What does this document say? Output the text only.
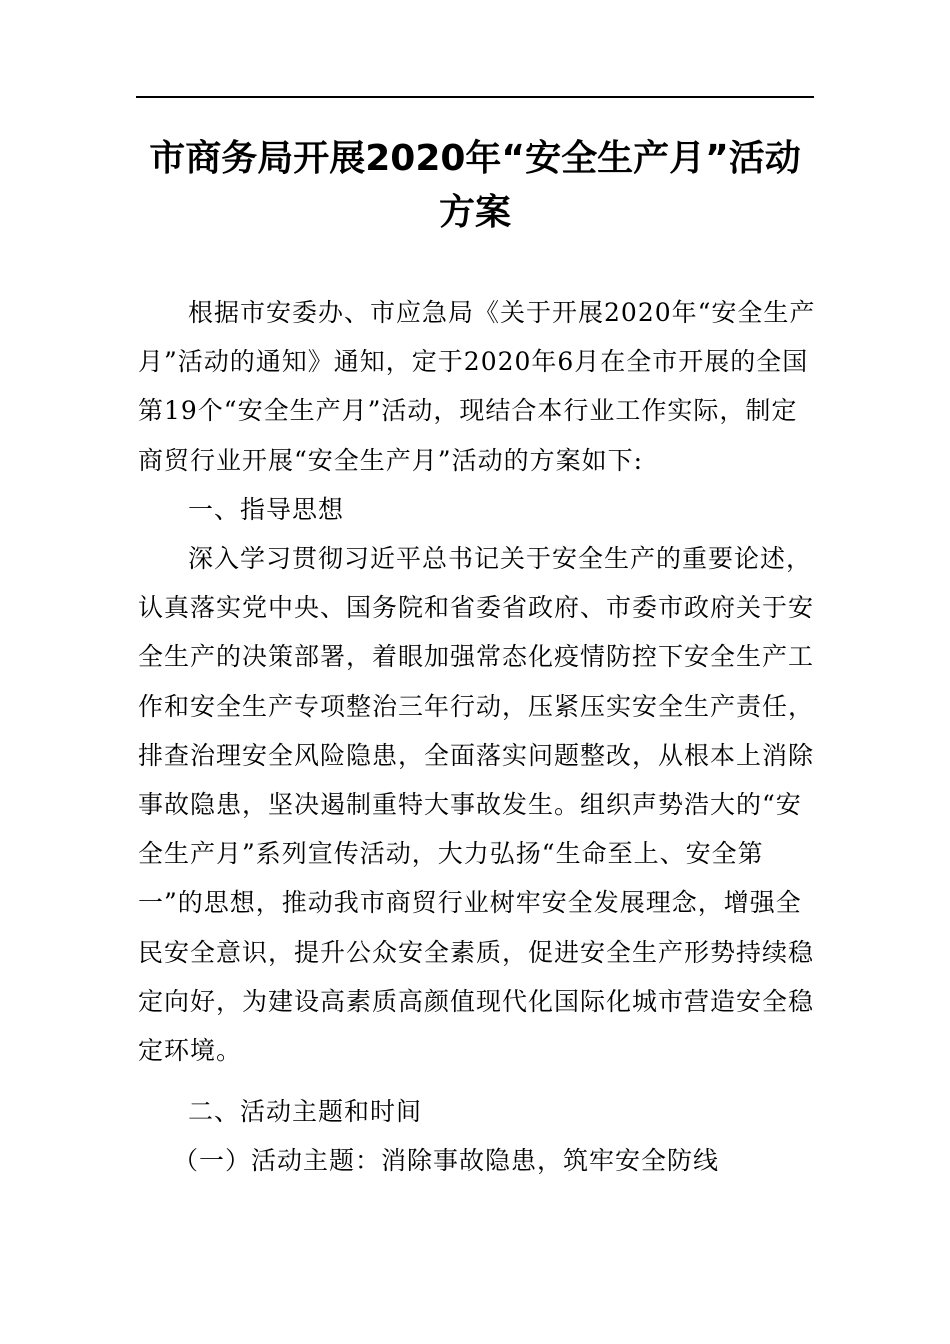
市商务局开展2020年“安全生产月”活动
方案

根据市安委办、市应急局《关于开展2020年“安全生产
月”活动的通知》通知，定于2020年6月在全市开展的全国
第19个“安全生产月”活动，现结合本行业工作实际，制定
商贸行业开展“安全生产月”活动的方案如下:

一、指导思想

深入学习贯彻习近平总书记关于安全生产的重要论述，
认真落实党中央、国务院和省委省政府、市委市政府关于安
全生产的决策部署，着眼加强常态化疫情防控下安全生产工
作和安全生产专项整治三年行动，压紧压实安全生产责任，
排查治理安全风险隐患，全面落实问题整改，从根本上消除
事故隐患，坚决遏制重特大事故发生。组织声势浩大的“安
全生产月”系列宣传活动，大力弘扬“生命至上、安全第
一”的思想，推动我市商贸行业树牢安全发展理念，增强全
民安全意识，提升公众安全素质，促进安全生产形势持续稳
定向好，为建设高素质高颜值现代化国际化城市营造安全稳
定环境。

二、活动主题和时间

（一）活动主题：消除事故隐患，筑牢安全防线
